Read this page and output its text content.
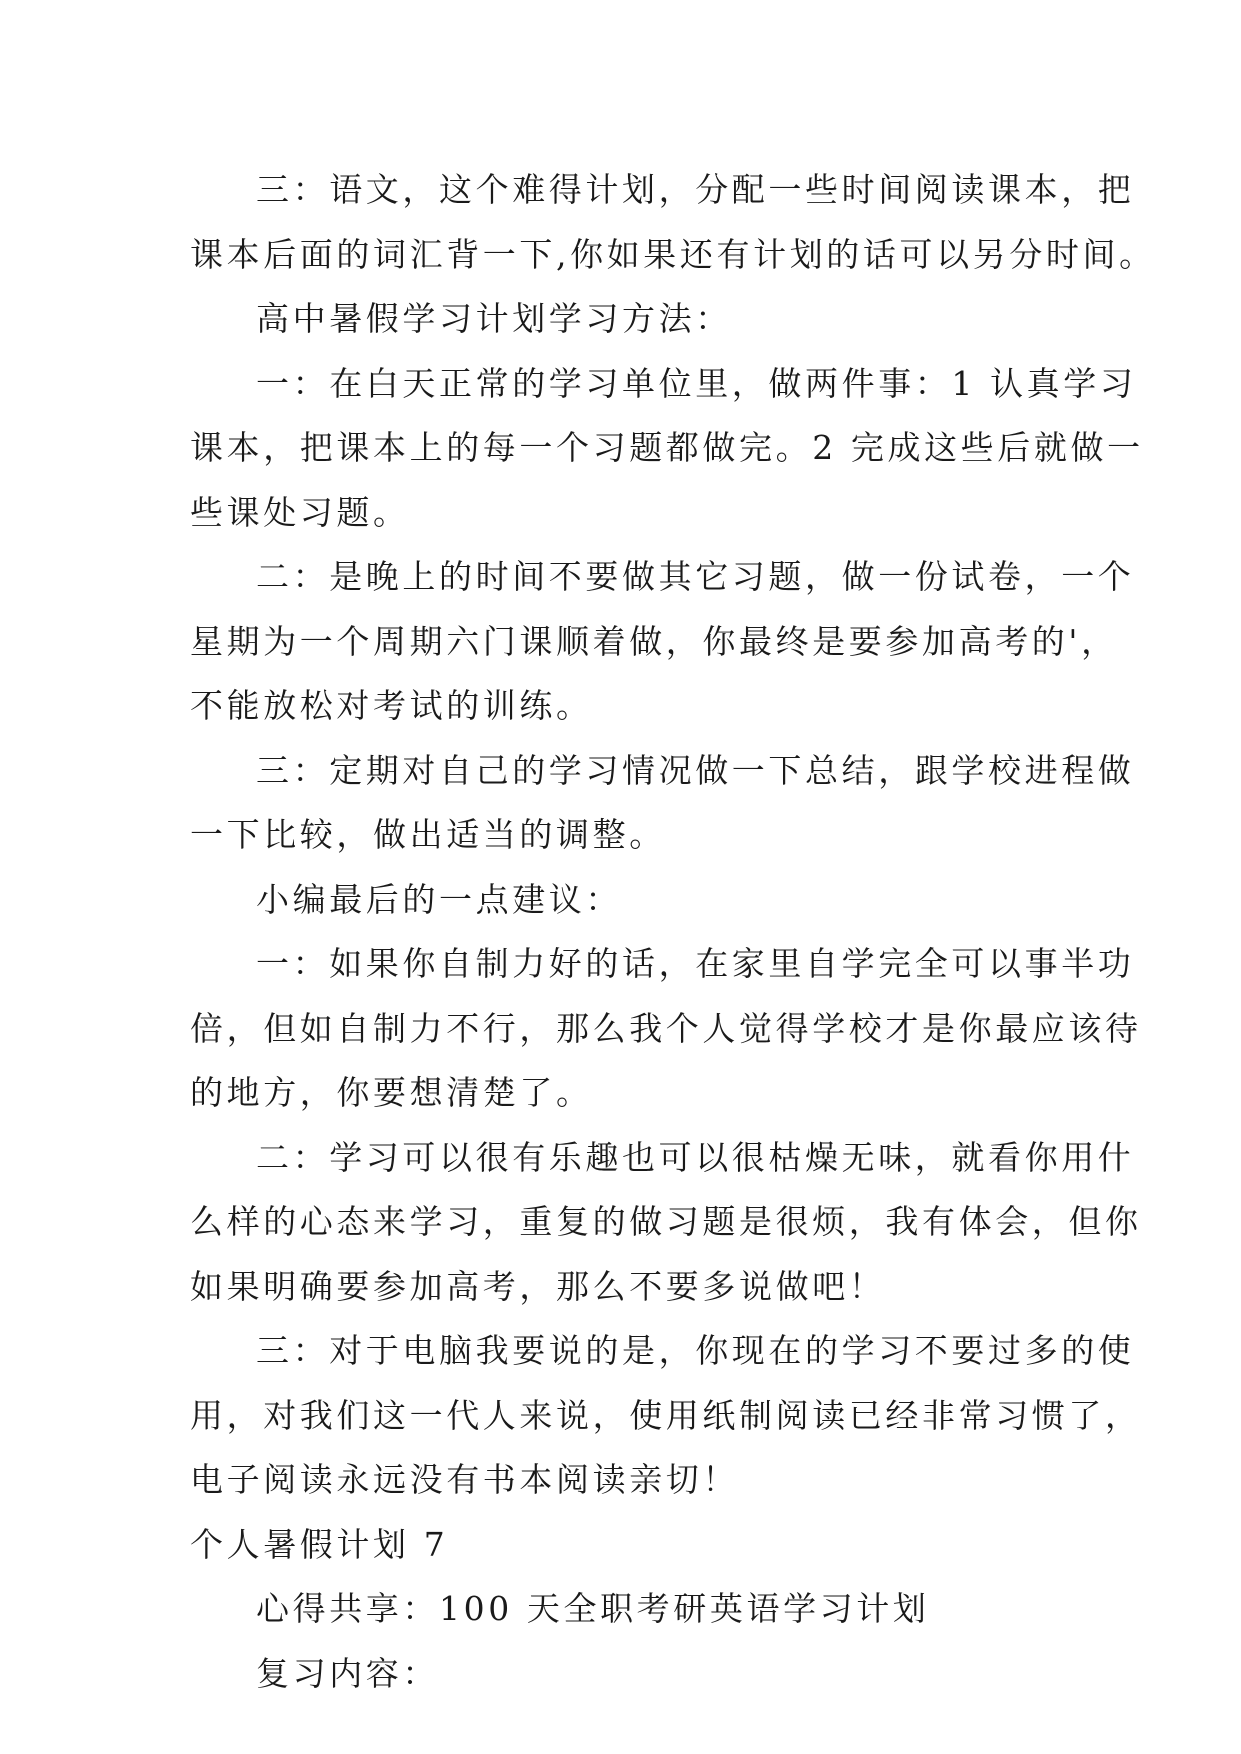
三：语文，这个难得计划，分配一些时间阅读课本，把
课本后面的词汇背一下,你如果还有计划的话可以另分时间。
高中暑假学习计划学习方法：
一：在白天正常的学习单位里，做两件事：1 认真学习
课本，把课本上的每一个习题都做完。2 完成这些后就做一
些课处习题。
二：是晚上的时间不要做其它习题，做一份试卷，一个
星期为一个周期六门课顺着做，你最终是要参加高考的'，
不能放松对考试的训练。
三：定期对自己的学习情况做一下总结，跟学校进程做
一下比较，做出适当的调整。
小编最后的一点建议：
一：如果你自制力好的话，在家里自学完全可以事半功
倍，但如自制力不行，那么我个人觉得学校才是你最应该待
的地方，你要想清楚了。
二：学习可以很有乐趣也可以很枯燥无味，就看你用什
么样的心态来学习，重复的做习题是很烦，我有体会，但你
如果明确要参加高考，那么不要多说做吧！
三：对于电脑我要说的是，你现在的学习不要过多的使
用，对我们这一代人来说，使用纸制阅读已经非常习惯了，
电子阅读永远没有书本阅读亲切！
个人暑假计划 7
心得共享：100 天全职考研英语学习计划
复习内容：
